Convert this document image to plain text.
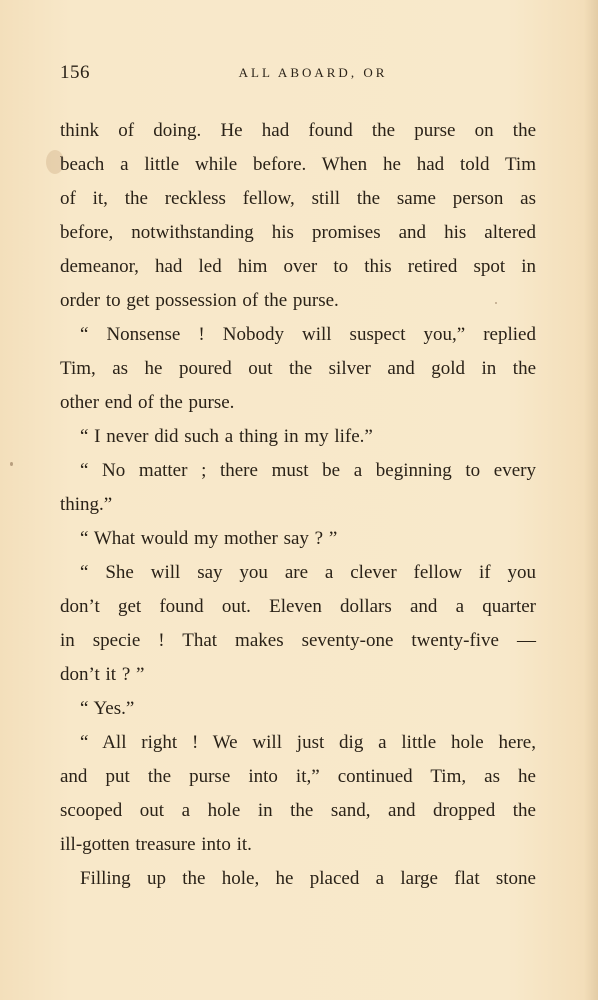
156	ALL ABOARD, OR
think of doing. He had found the purse on the
beach a little while before. When he had told Tim
of it, the reckless fellow, still the same person as
before, notwithstanding his promises and his altered
demeanor, had led him over to this retired spot in
order to get possession of the purse.
“ Nonsense ! Nobody will suspect you,” replied
Tim, as he poured out the silver and gold in the
other end of the purse.
“ I never did such a thing in my life.”
“ No matter ; there must be a beginning to every
thing.”
“ What would my mother say ? ”
“ She will say you are a clever fellow if you
don’t get found out. Eleven dollars and a quarter
in specie ! That makes seventy-one twenty-five —
don’t it ? ”
“ Yes.”
“ All right ! We will just dig a little hole here,
and put the purse into it,” continued Tim, as he
scooped out a hole in the sand, and dropped the
ill-gotten treasure into it.
Filling up the hole, he placed a large flat stone
